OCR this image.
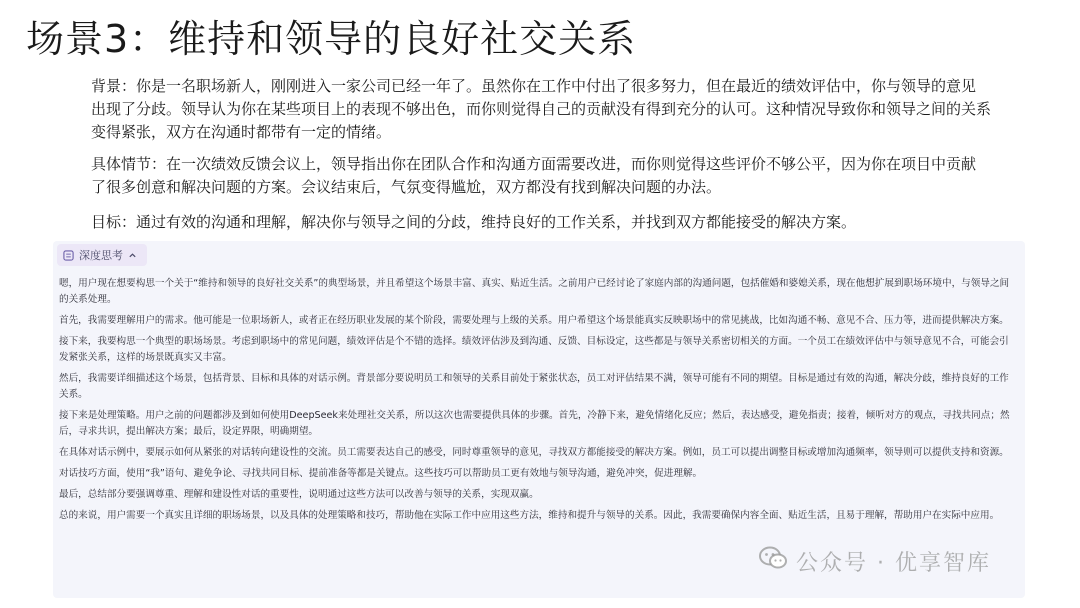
场景3：维持和领导的良好社交关系
背景：你是一名职场新人，刚刚进入一家公司已经一年了。虽然你在工作中付出了很多努力，但在最近的绩效评估中，你与领导的意见出现了分歧。领导认为你在某些项目上的表现不够出色，而你则觉得自己的贡献没有得到充分的认可。这种情况导致你和领导之间的关系变得紧张，双方在沟通时都带有一定的情绪。
具体情节：在一次绩效反馈会议上，领导指出你在团队合作和沟通方面需要改进，而你则觉得这些评价不够公平，因为你在项目中贡献了很多创意和解决问题的方案。会议结束后，气氛变得尴尬，双方都没有找到解决问题的办法。
目标：通过有效的沟通和理解，解决你与领导之间的分歧，维持良好的工作关系，并找到双方都能接受的解决方案。
深度思考

嗯，用户现在想要构思一个关于“维持和领导的良好社交关系”的典型场景，并且希望这个场景丰富、真实、贴近生活。之前用户已经讨论了家庭内部的沟通问题，包括催婚和婆媳关系，现在他想扩展到职场环境中，与领导之间的关系处理。

首先，我需要理解用户的需求。他可能是一位职场新人，或者正在经历职业发展的某个阶段，需要处理与上级的关系。用户希望这个场景能真实反映职场中的常见挑战，比如沟通不畅、意见不合、压力等，进而提供解决方案。

接下来，我要构思一个典型的职场场景。考虑到职场中的常见问题，绩效评估是个不错的选择。绩效评估涉及到沟通、反馈、目标设定，这些都是与领导关系密切相关的方面。一个员工在绩效评估中与领导意见不合，可能会引发紧张关系，这样的场景既真实又丰富。

然后，我需要详细描述这个场景，包括背景、目标和具体的对话示例。背景部分要说明员工和领导的关系目前处于紧张状态，员工对评估结果不满，领导可能有不同的期望。目标是通过有效的沟通，解决分歧，维持良好的工作关系。

接下来是处理策略。用户之前的问题都涉及到如何使用DeepSeek来处理社交关系，所以这次也需要提供具体的步骤。首先，冷静下来，避免情绪化反应；然后，表达感受，避免指责；接着，倾听对方的观点，寻找共同点；然后，寻求共识，提出解决方案；最后，设定界限，明确期望。

在具体对话示例中，要展示如何从紧张的对话转向建设性的交流。员工需要表达自己的感受，同时尊重领导的意见，寻找双方都能接受的解决方案。例如，员工可以提出调整目标或增加沟通频率，领导则可以提供支持和资源。

对话技巧方面，使用“我”语句、避免争论、寻找共同目标、提前准备等都是关键点。这些技巧可以帮助员工更有效地与领导沟通，避免冲突，促进理解。

最后，总结部分要强调尊重、理解和建设性对话的重要性，说明通过这些方法可以改善与领导的关系，实现双赢。

总的来说，用户需要一个真实且详细的职场场景，以及具体的处理策略和技巧，帮助他在实际工作中应用这些方法，维持和提升与领导的关系。因此，我需要确保内容全面、贴近生活，且易于理解，帮助用户在实际中应用。

公众号 · 优享智库
